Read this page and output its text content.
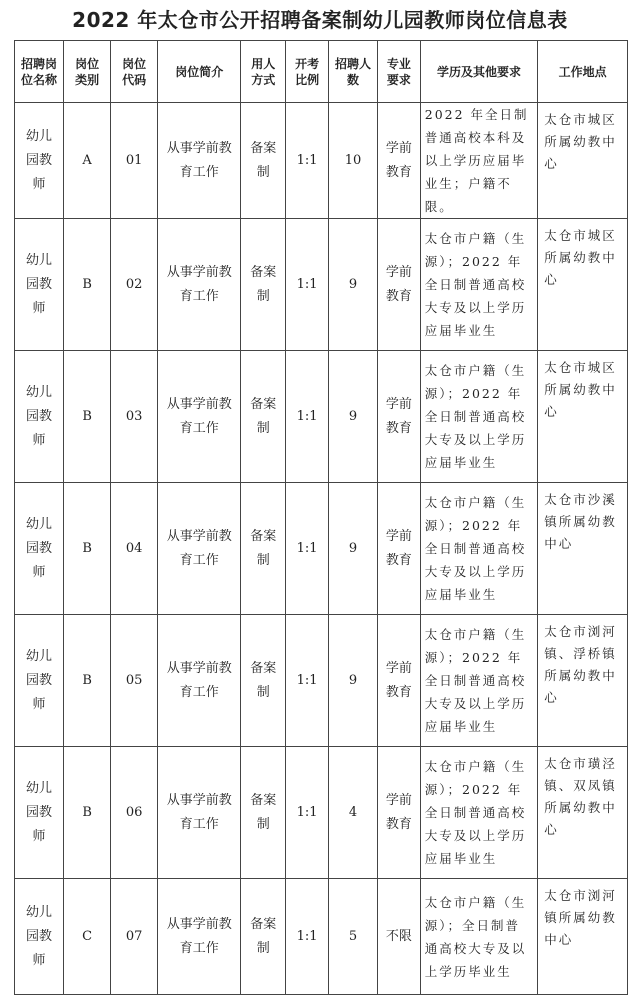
2022 年太仓市公开招聘备案制幼儿园教师岗位信息表
招聘岗位名称	岗位类别	岗位代码	岗位简介	用人方式	开考比例	招聘人数	专业要求	学历及其他要求	工作地点
幼儿园教师	A	01	从事学前教育工作	备案制	1:1	10	学前教育	2022 年全日制普通高校本科及以上学历应届毕业生；户籍不限。	太仓市城区所属幼教中心
幼儿园教师	B	02	从事学前教育工作	备案制	1:1	9	学前教育	太仓市户籍（生源）；2022 年全日制普通高校大专及以上学历应届毕业生	太仓市城区所属幼教中心
幼儿园教师	B	03	从事学前教育工作	备案制	1:1	9	学前教育	太仓市户籍（生源）；2022 年全日制普通高校大专及以上学历应届毕业生	太仓市城区所属幼教中心
幼儿园教师	B	04	从事学前教育工作	备案制	1:1	9	学前教育	太仓市户籍（生源）；2022 年全日制普通高校大专及以上学历应届毕业生	太仓市沙溪镇所属幼教中心
幼儿园教师	B	05	从事学前教育工作	备案制	1:1	9	学前教育	太仓市户籍（生源）；2022 年全日制普通高校大专及以上学历应届毕业生	太仓市浏河镇、浮桥镇所属幼教中心
幼儿园教师	B	06	从事学前教育工作	备案制	1:1	4	学前教育	太仓市户籍（生源）；2022 年全日制普通高校大专及以上学历应届毕业生	太仓市璜泾镇、双凤镇所属幼教中心
幼儿园教师	C	07	从事学前教育工作	备案制	1:1	5	不限	太仓市户籍（生源）；全日制普通高校大专及以上学历毕业生	太仓市浏河镇所属幼教中心
